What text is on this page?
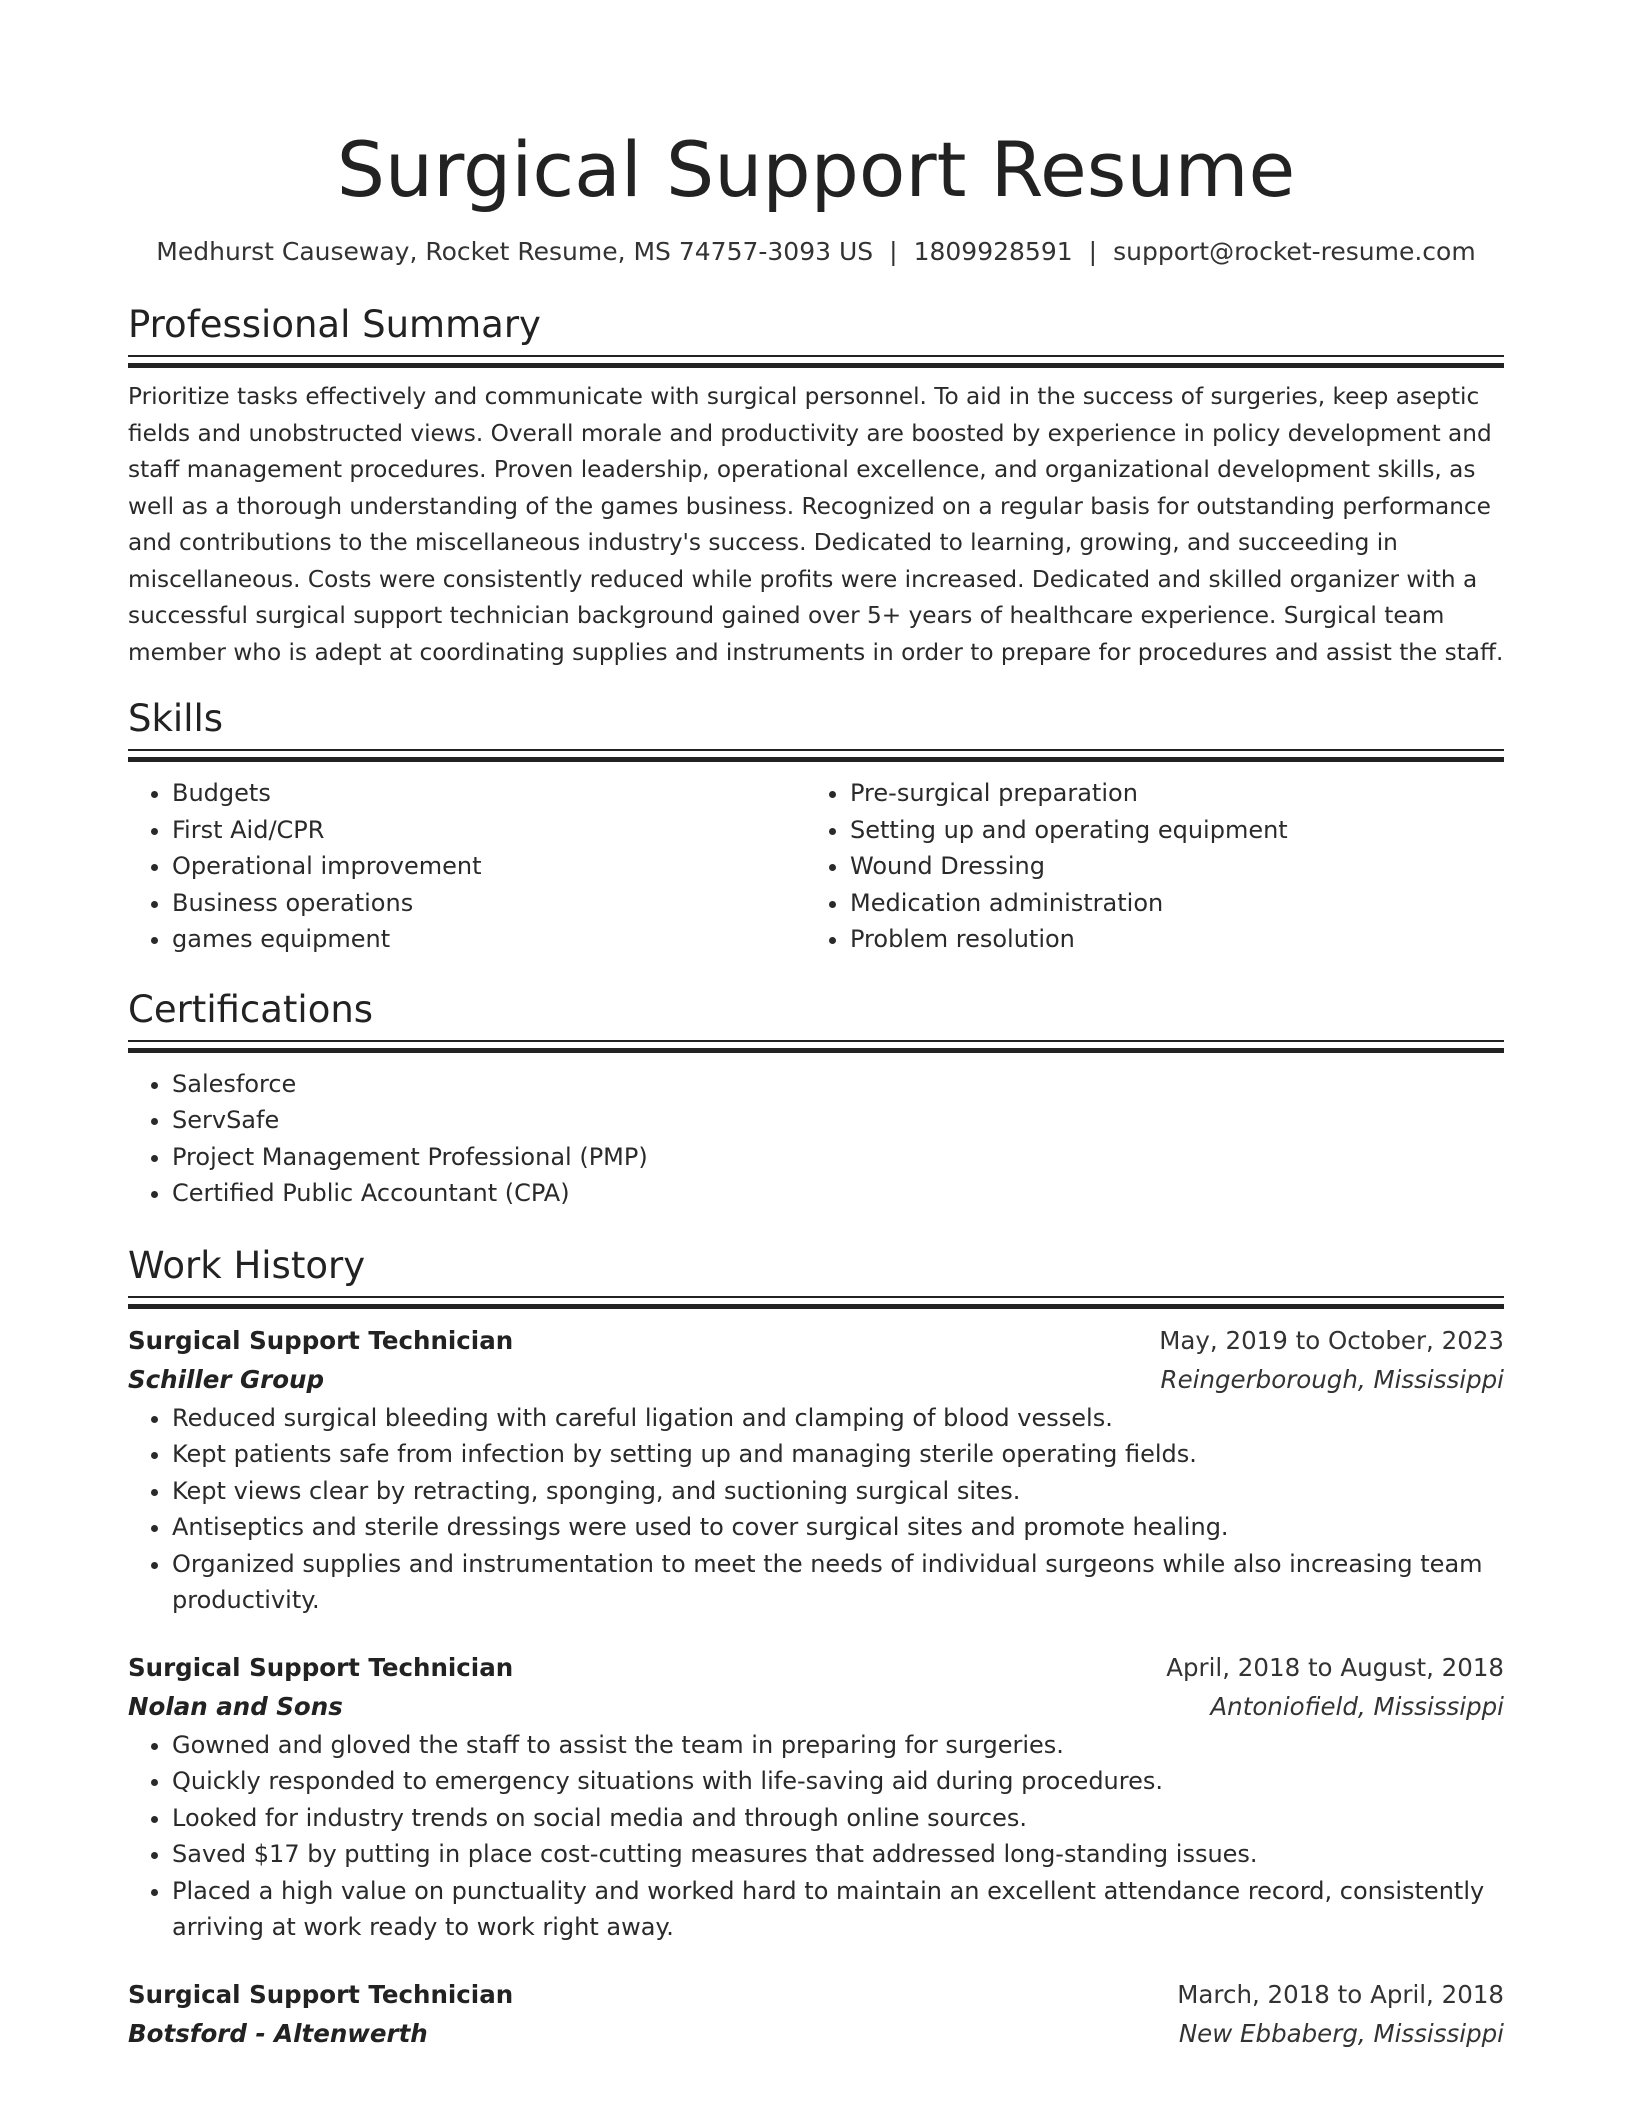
Surgical Support Resume
Medhurst Causeway, Rocket Resume, MS 74757-3093 US | 1809928591 | support@rocket-resume.com
Professional Summary
Prioritize tasks effectively and communicate with surgical personnel. To aid in the success of surgeries, keep aseptic fields and unobstructed views. Overall morale and productivity are boosted by experience in policy development and staff management procedures. Proven leadership, operational excellence, and organizational development skills, as well as a thorough understanding of the games business. Recognized on a regular basis for outstanding performance and contributions to the miscellaneous industry's success. Dedicated to learning, growing, and succeeding in miscellaneous. Costs were consistently reduced while profits were increased. Dedicated and skilled organizer with a successful surgical support technician background gained over 5+ years of healthcare experience. Surgical team member who is adept at coordinating supplies and instruments in order to prepare for procedures and assist the staff.
Skills
• Budgets
• First Aid/CPR
• Operational improvement
• Business operations
• games equipment
• Pre-surgical preparation
• Setting up and operating equipment
• Wound Dressing
• Medication administration
• Problem resolution
Certifications
• Salesforce
• ServSafe
• Project Management Professional (PMP)
• Certified Public Accountant (CPA)
Work History
Surgical Support Technician	May, 2019 to October, 2023
Schiller Group	Reingerborough, Mississippi
• Reduced surgical bleeding with careful ligation and clamping of blood vessels.
• Kept patients safe from infection by setting up and managing sterile operating fields.
• Kept views clear by retracting, sponging, and suctioning surgical sites.
• Antiseptics and sterile dressings were used to cover surgical sites and promote healing.
• Organized supplies and instrumentation to meet the needs of individual surgeons while also increasing team productivity.
Surgical Support Technician	April, 2018 to August, 2018
Nolan and Sons	Antoniofield, Mississippi
• Gowned and gloved the staff to assist the team in preparing for surgeries.
• Quickly responded to emergency situations with life-saving aid during procedures.
• Looked for industry trends on social media and through online sources.
• Saved $17 by putting in place cost-cutting measures that addressed long-standing issues.
• Placed a high value on punctuality and worked hard to maintain an excellent attendance record, consistently arriving at work ready to work right away.
Surgical Support Technician	March, 2018 to April, 2018
Botsford - Altenwerth	New Ebbaberg, Mississippi
